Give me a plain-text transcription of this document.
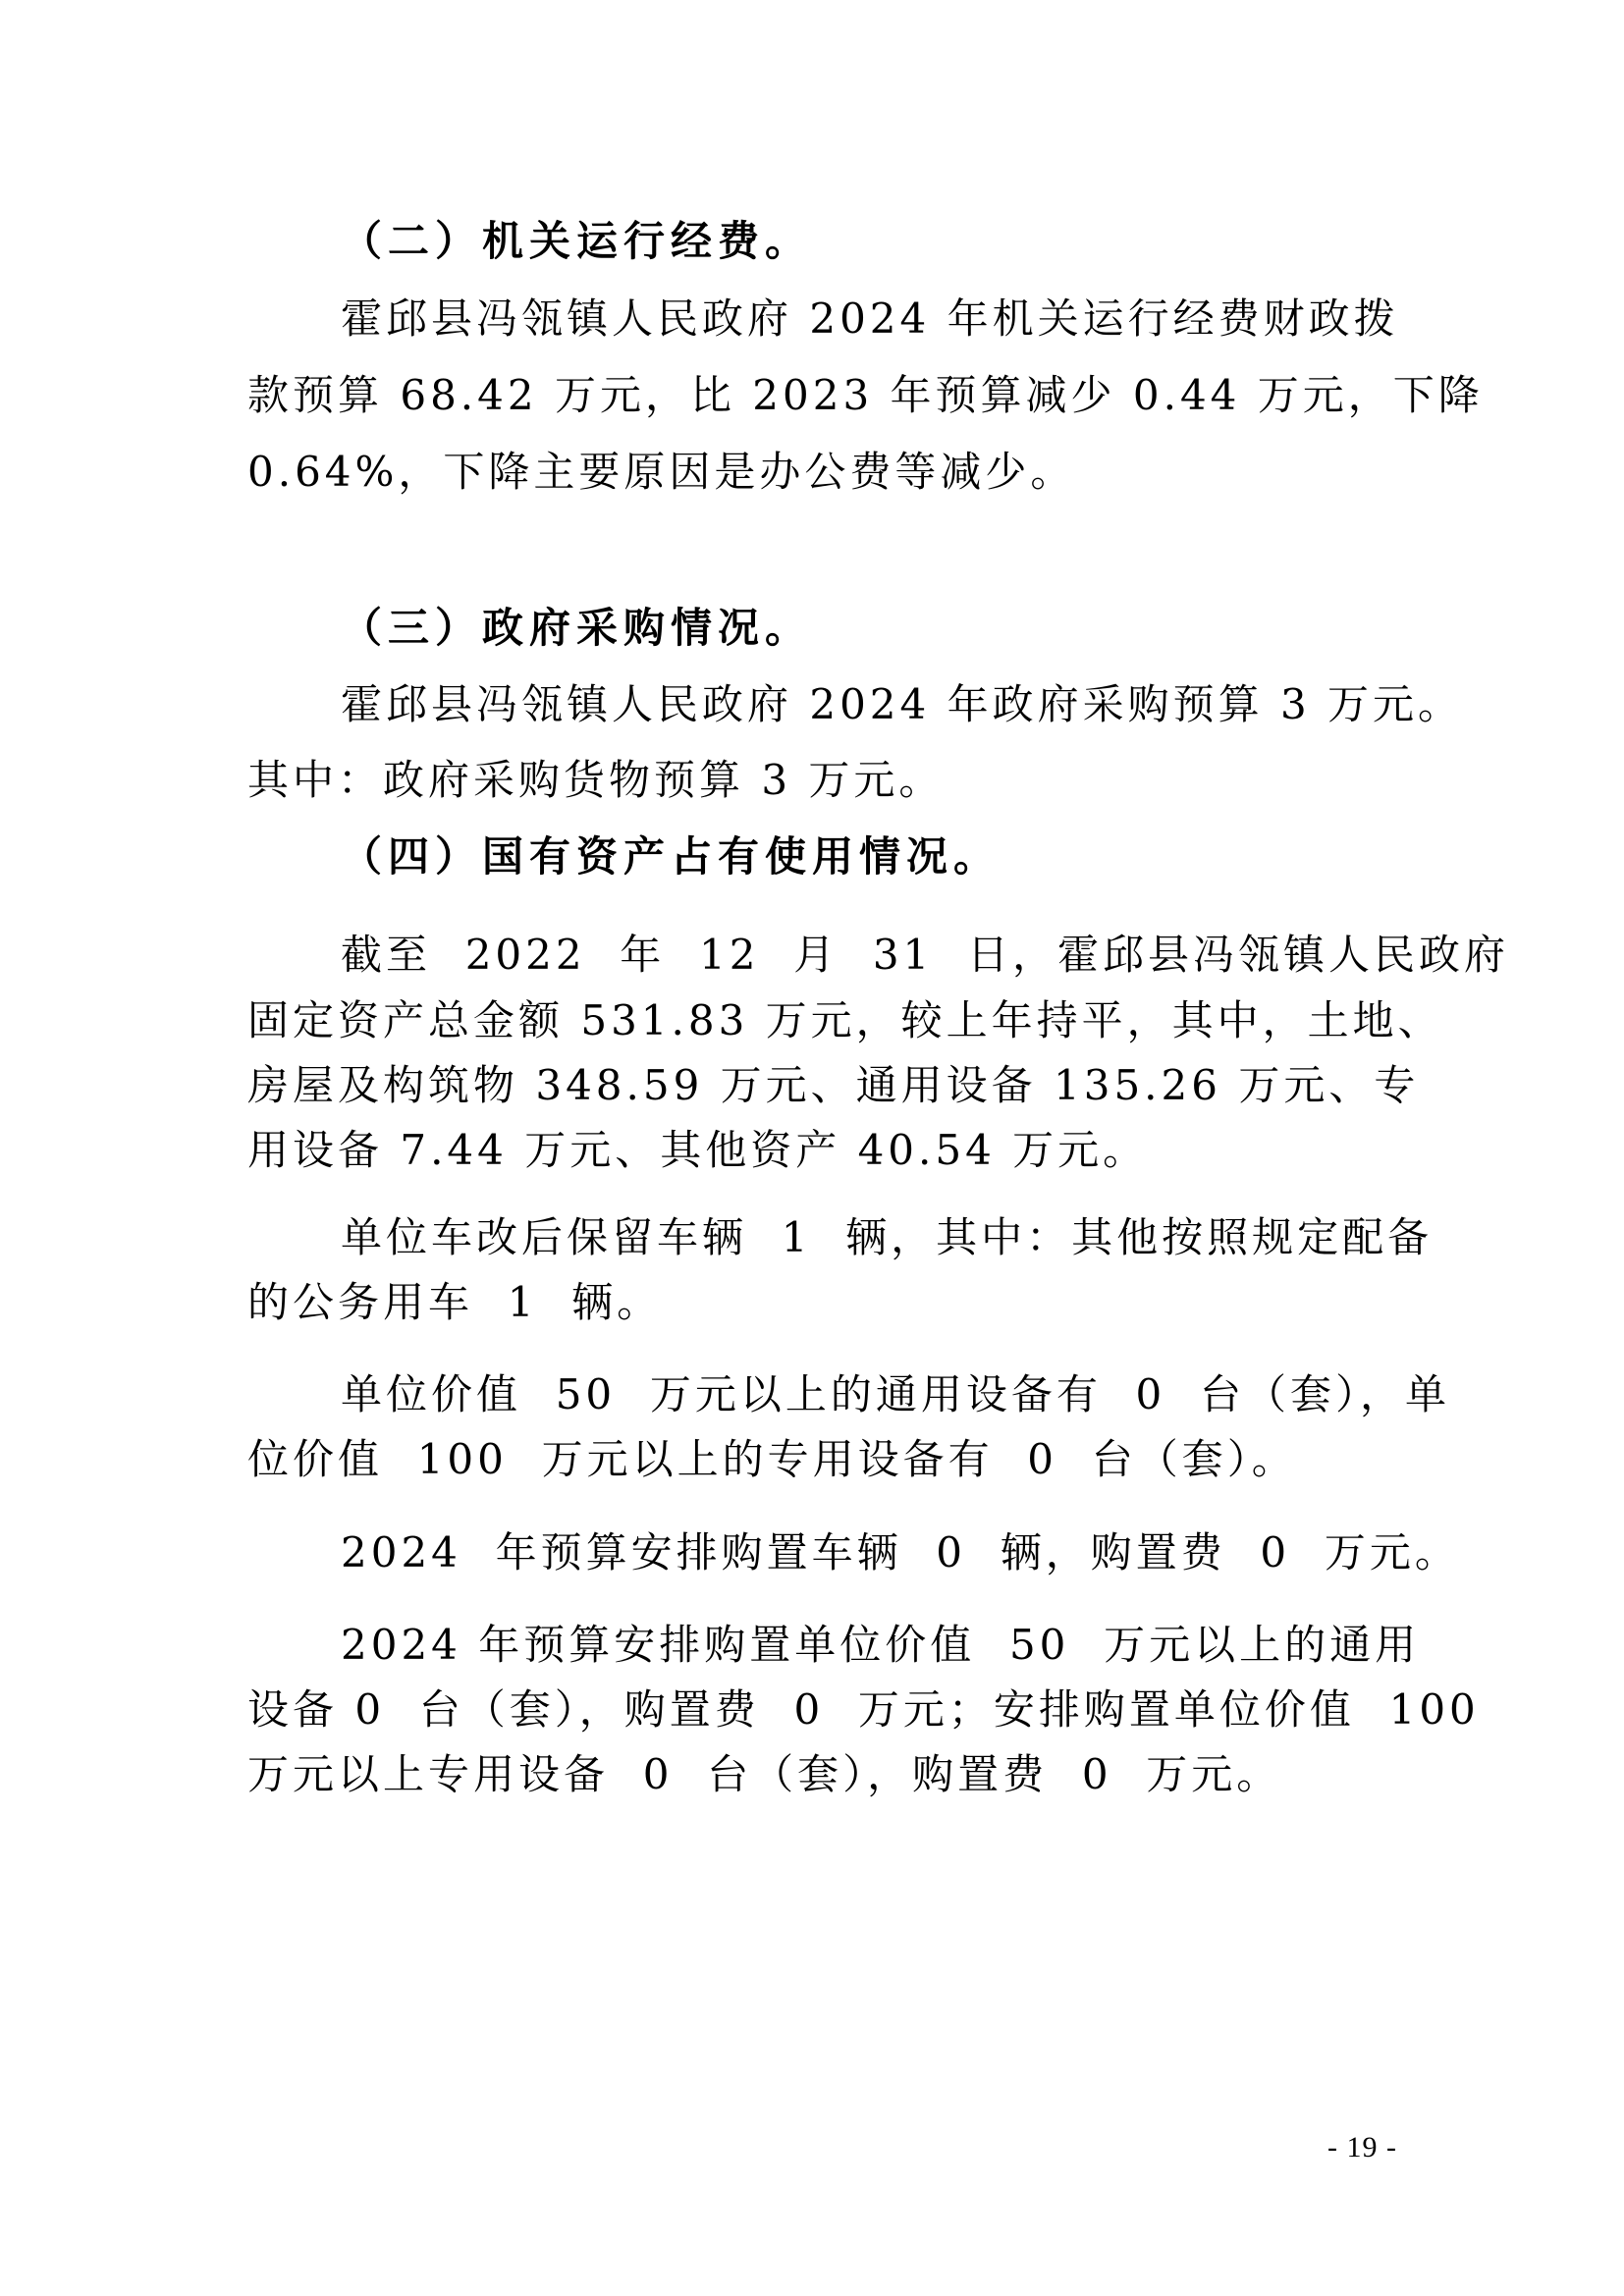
（二）机关运行经费。
霍邱县冯瓴镇人民政府 2024 年机关运行经费财政拨
款预算 68.42 万元，比 2023 年预算减少 0.44 万元，下降
0.64%，下降主要原因是办公费等减少。
（三）政府采购情况。
霍邱县冯瓴镇人民政府 2024 年政府采购预算 3 万元。
其中：政府采购货物预算 3 万元。
（四）国有资产占有使用情况。
截至  2022  年  12  月  31  日，霍邱县冯瓴镇人民政府
固定资产总金额 531.83 万元，较上年持平，其中，土地、
房屋及构筑物 348.59 万元、通用设备 135.26 万元、专
用设备 7.44 万元、其他资产 40.54 万元。
单位车改后保留车辆  1  辆，其中：其他按照规定配备
的公务用车  1  辆。
单位价值  50  万元以上的通用设备有  0  台（套），单
位价值  100  万元以上的专用设备有  0  台（套）。
2024  年预算安排购置车辆  0  辆，购置费  0  万元。
2024 年预算安排购置单位价值  50  万元以上的通用
设备 0  台（套），购置费  0  万元；安排购置单位价值  100
万元以上专用设备  0  台（套），购置费  0  万元。
- 19 -
